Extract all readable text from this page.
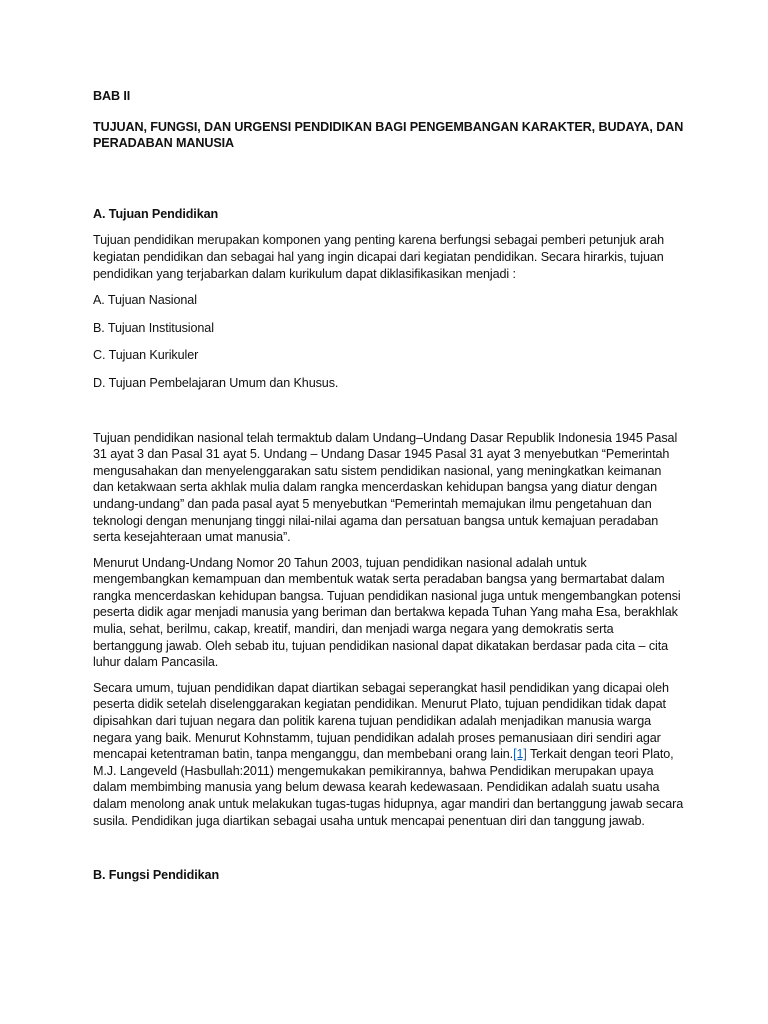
BAB II

TUJUAN, FUNGSI, DAN URGENSI PENDIDIKAN BAGI PENGEMBANGAN KARAKTER, BUDAYA, DAN PERADABAN MANUSIA

A. Tujuan Pendidikan

Tujuan pendidikan merupakan komponen yang penting karena berfungsi sebagai pemberi petunjuk arah kegiatan pendidikan dan sebagai hal yang ingin dicapai dari kegiatan pendidikan. Secara hirarkis, tujuan pendidikan yang terjabarkan dalam kurikulum dapat diklasifikasikan menjadi :

A. Tujuan Nasional

B. Tujuan Institusional

C. Tujuan Kurikuler

D. Tujuan Pembelajaran Umum dan Khusus.

Tujuan pendidikan nasional telah termaktub dalam Undang–Undang Dasar Republik Indonesia 1945 Pasal 31 ayat 3 dan Pasal 31 ayat 5. Undang – Undang Dasar 1945 Pasal 31 ayat 3 menyebutkan “Pemerintah mengusahakan dan menyelenggarakan satu sistem pendidikan nasional, yang meningkatkan keimanan dan ketakwaan serta akhlak mulia dalam rangka mencerdaskan kehidupan bangsa yang diatur dengan undang-undang” dan pada pasal ayat 5 menyebutkan “Pemerintah memajukan ilmu pengetahuan dan teknologi dengan menunjang tinggi nilai-nilai agama dan persatuan bangsa untuk kemajuan peradaban serta kesejahteraan umat manusia”.

Menurut Undang-Undang Nomor 20 Tahun 2003, tujuan pendidikan nasional adalah untuk mengembangkan kemampuan dan membentuk watak serta peradaban bangsa yang bermartabat dalam rangka mencerdaskan kehidupan bangsa. Tujuan pendidikan nasional juga untuk mengembangkan potensi peserta didik agar menjadi manusia yang beriman dan bertakwa kepada Tuhan Yang maha Esa, berakhlak mulia, sehat, berilmu, cakap, kreatif, mandiri, dan menjadi warga negara yang demokratis serta bertanggung jawab. Oleh sebab itu, tujuan pendidikan nasional dapat dikatakan berdasar pada cita – cita luhur dalam Pancasila.

Secara umum, tujuan pendidikan dapat diartikan sebagai seperangkat hasil pendidikan yang dicapai oleh peserta didik setelah diselenggarakan kegiatan pendidikan. Menurut Plato, tujuan pendidikan tidak dapat dipisahkan dari tujuan negara dan politik karena tujuan pendidikan adalah menjadikan manusia warga negara yang baik. Menurut Kohnstamm, tujuan pendidikan adalah proses pemanusiaan diri sendiri agar mencapai ketentraman batin, tanpa menganggu, dan membebani orang lain.[1] Terkait dengan teori Plato, M.J. Langeveld (Hasbullah:2011) mengemukakan pemikirannya, bahwa Pendidikan merupakan upaya dalam membimbing manusia yang belum dewasa kearah kedewasaan. Pendidikan adalah suatu usaha dalam menolong anak untuk melakukan tugas-tugas hidupnya, agar mandiri dan bertanggung jawab secara susila. Pendidikan juga diartikan sebagai usaha untuk mencapai penentuan diri dan tanggung jawab.

B. Fungsi Pendidikan
